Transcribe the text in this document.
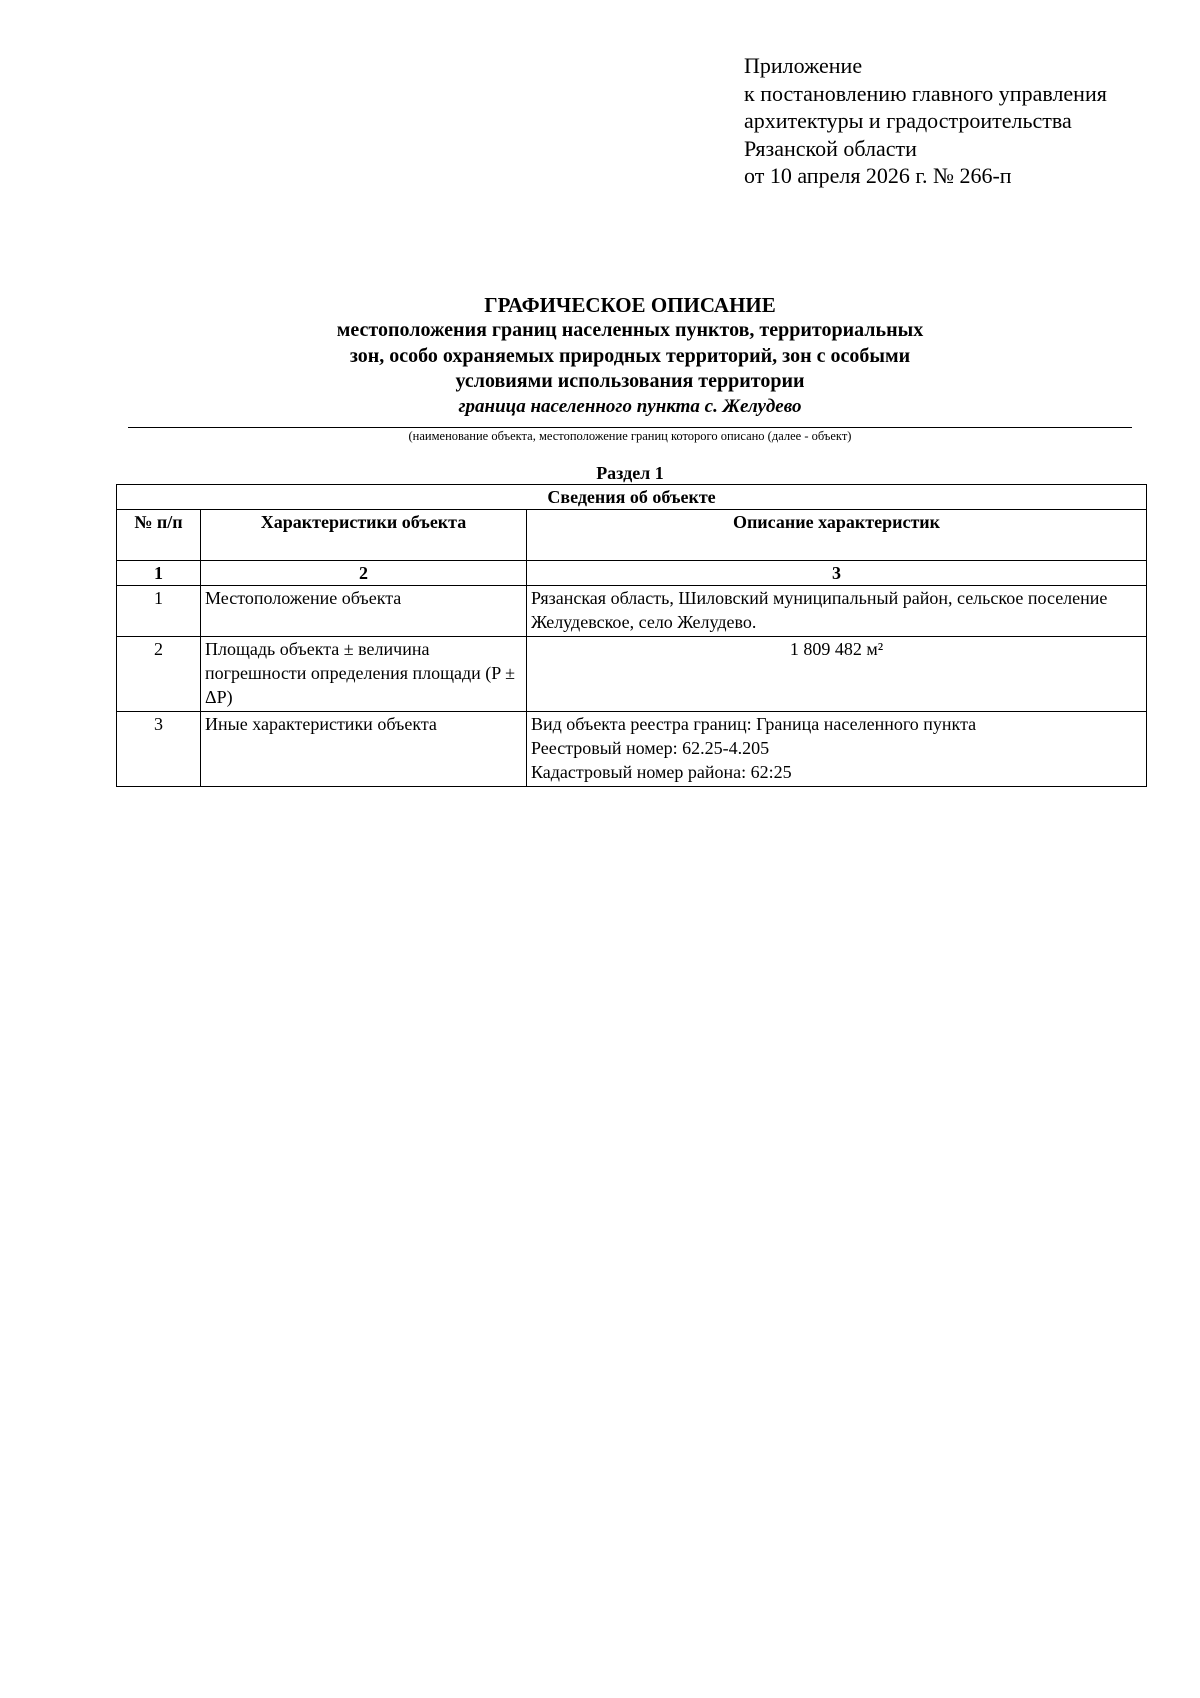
Приложение
к постановлению главного управления
архитектуры и градостроительства
Рязанской области
от 10 апреля 2026 г. № 266-п
ГРАФИЧЕСКОЕ ОПИСАНИЕ
местоположения границ населенных пунктов, территориальных
зон, особо охраняемых природных территорий, зон с особыми
условиями использования территории
граница населенного пункта с. Желудево
(наименование объекта, местоположение границ которого описано (далее - объект)
Раздел 1
Сведения об объекте		
№ п/п	Характеристики объекта	Описание характеристик
1	2	3
1	Местоположение объекта	Рязанская область, Шиловский муниципальный район, сельское поселение Желудевское, село Желудево.

2	Площадь объекта ± величина погрешности определения площади (P ± ΔP)	1 809 482 м²

3	Иные характеристики объекта	Вид объекта реестра границ: Граница населенного пункта
Реестровый номер: 62.25-4.205
Кадастровый номер района: 62:25
